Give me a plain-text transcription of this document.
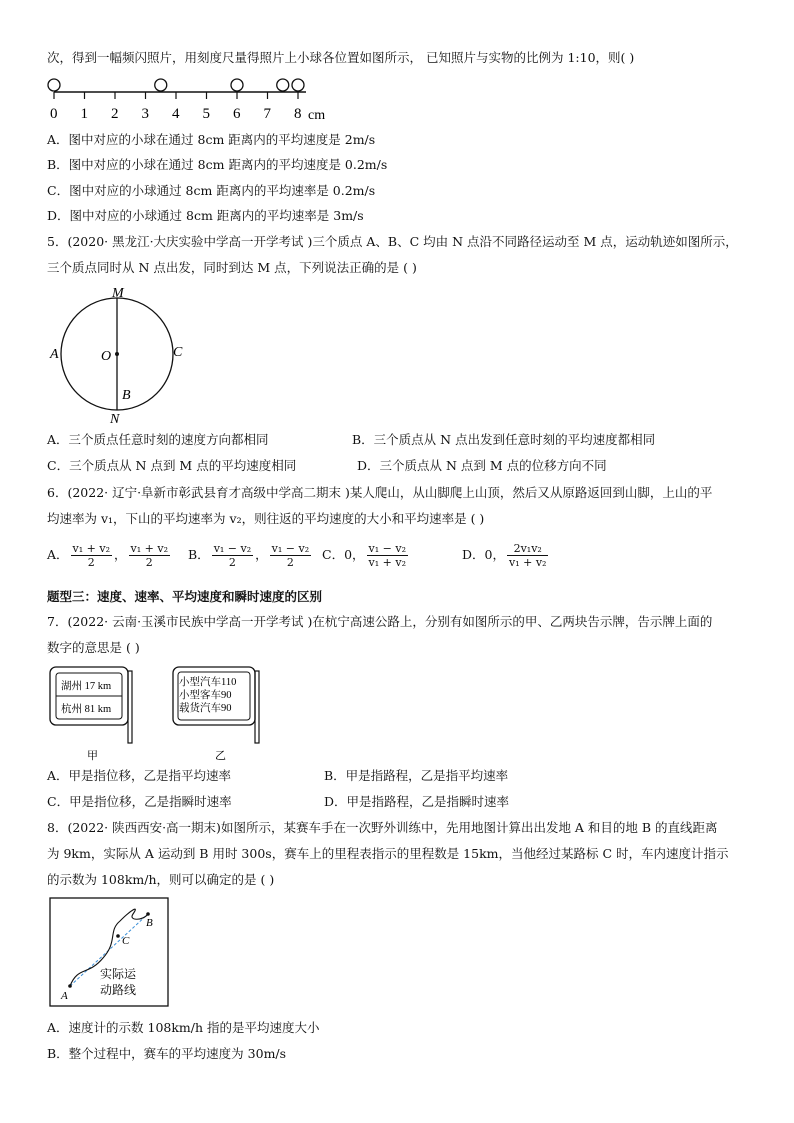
次，得到一幅频闪照片，用刻度尺量得照片上小球各位置如图所示， 已知照片与实物的比例为 1:10，则( )
0 1 2 3 4 5 6 7 8 cm
A．图中对应的小球在通过 8cm 距离内的平均速度是 2m/s
B．图中对应的小球在通过 8cm 距离内的平均速度是 0.2m/s
C．图中对应的小球通过 8cm 距离内的平均速率是 0.2m/s
D．图中对应的小球通过 8cm 距离内的平均速率是 3m/s
5．(2020· 黑龙江·大庆实验中学高一开学考试 )三个质点 A、B、C 均由 N 点沿不同路径运动至 M 点，运动轨迹如图所示，
三个质点同时从 N 点出发，同时到达 M 点，下列说法正确的是 ( )
M
N
A	C
O
B
A．三个质点任意时刻的速度方向都相同	B．三个质点从 N 点出发到任意时刻的平均速度都相同
C．三个质点从 N 点到 M 点的平均速度相同	D．三个质点从 N 点到 M 点的位移方向不同
6．(2022· 辽宁·阜新市彰武县育才高级中学高二期末 )某人爬山，从山脚爬上山顶，然后又从原路返回到山脚，上山的平
均速率为 v₁，下山的平均速率为 v₂，则往返的平均速度的大小和平均速率是 ( )
A． $\frac{\text{v₁ + v₂}}{2}$ ， $\frac{\text{v₁ + v₂}}{2}$ B． $\frac{\text{v₁ − v₂}}{2}$ ， $\frac{\text{v₁ − v₂}}{2}$ C．0， $\frac{\text{v₁ − v₂}}{\text{v₁ + v₂}}$	D．0， $\frac{\text{2v₁v₂}}{\text{v₁ + v₂}}$
题型三：速度、速率、平均速度和瞬时速度的区别
7．(2022· 云南·玉溪市民族中学高一开学考试 )在杭宁高速公路上，分别有如图所示的甲、乙两块告示牌，告示牌上面的
数字的意思是 ( )
湖州 17 km
杭州 81 km
甲
小型汽车110
小型客车90
载货汽车90
乙
A．甲是指位移，乙是指平均速率	B．甲是指路程，乙是指平均速率
C．甲是指位移，乙是指瞬时速率	D．甲是指路程，乙是指瞬时速率
8．(2022· 陕西西安·高一期末)如图所示，某赛车手在一次野外训练中，先用地图计算出出发地 A 和目的地 B 的直线距离
为 9km，实际从 A 运动到 B 用时 300s，赛车上的里程表指示的里程数是 15km，当他经过某路标 C 时，车内速度计指示
的示数为 108km/h，则可以确定的是 ( )
A
B
C
实际运
动路线
A．速度计的示数 108km/h 指的是平均速度大小
B．整个过程中，赛车的平均速度为 30m/s
